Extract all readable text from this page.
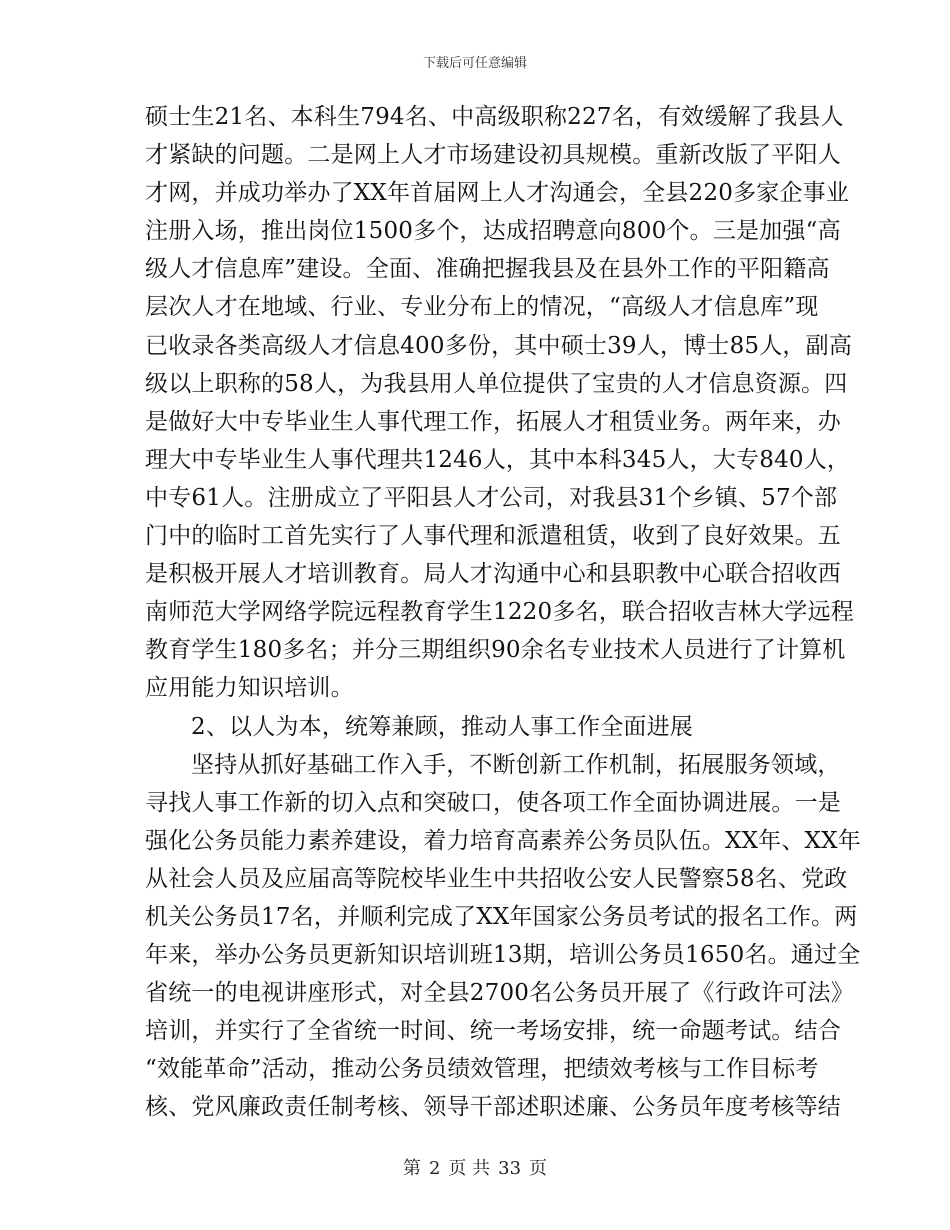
下载后可任意编辑
硕士生21名、本科生794名、中高级职称227名，有效缓解了我县人
才紧缺的问题。二是网上人才市场建设初具规模。重新改版了平阳人
才网，并成功举办了XX年首届网上人才沟通会，全县220多家企事业
注册入场，推出岗位1500多个，达成招聘意向800个。三是加强“高
级人才信息库”建设。全面、准确把握我县及在县外工作的平阳籍高
层次人才在地域、行业、专业分布上的情况，“高级人才信息库”现
已收录各类高级人才信息400多份，其中硕士39人，博士85人，副高
级以上职称的58人，为我县用人单位提供了宝贵的人才信息资源。四
是做好大中专毕业生人事代理工作，拓展人才租赁业务。两年来，办
理大中专毕业生人事代理共1246人，其中本科345人，大专840人，
中专61人。注册成立了平阳县人才公司，对我县31个乡镇、57个部
门中的临时工首先实行了人事代理和派遣租赁，收到了良好效果。五
是积极开展人才培训教育。局人才沟通中心和县职教中心联合招收西
南师范大学网络学院远程教育学生1220多名，联合招收吉林大学远程
教育学生180多名；并分三期组织90余名专业技术人员进行了计算机
应用能力知识培训。
2、以人为本，统筹兼顾，推动人事工作全面进展
坚持从抓好基础工作入手，不断创新工作机制，拓展服务领域，
寻找人事工作新的切入点和突破口，使各项工作全面协调进展。一是
强化公务员能力素养建设，着力培育高素养公务员队伍。XX年、XX年
从社会人员及应届高等院校毕业生中共招收公安人民警察58名、党政
机关公务员17名，并顺利完成了XX年国家公务员考试的报名工作。两
年来，举办公务员更新知识培训班13期，培训公务员1650名。通过全
省统一的电视讲座形式，对全县2700名公务员开展了《行政许可法》
培训，并实行了全省统一时间、统一考场安排，统一命题考试。结合
“效能革命”活动，推动公务员绩效管理，把绩效考核与工作目标考
核、党风廉政责任制考核、领导干部述职述廉、公务员年度考核等结
第 2 页 共 33 页
